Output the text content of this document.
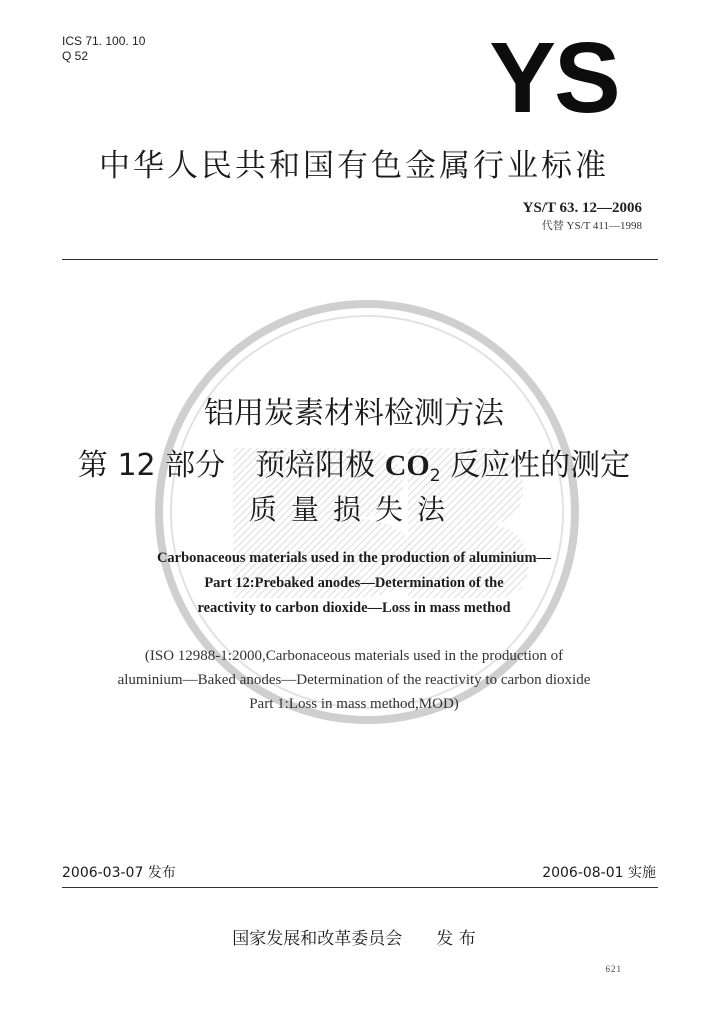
ICS 71. 100. 10
Q 52	YS
中华人民共和国有色金属行业标准
YS/T 63. 12—2006
代替 YS/T 411—1998
铝用炭素材料检测方法
第 12 部分　预焙阳极 $CO_2$ 反应性的测定
质量损失法
Carbonaceous materials used in the production of aluminium—
Part 12:Prebaked anodes—Determination of the
reactivity to carbon dioxide—Loss in mass method
(ISO 12988-1:2000,Carbonaceous materials used in the production of
aluminium—Baked anodes—Determination of the reactivity to carbon dioxide
Part 1:Loss in mass method,MOD)
2006-03-07 发布	2006-08-01 实施
国家发展和改革委员会 发 布
621
